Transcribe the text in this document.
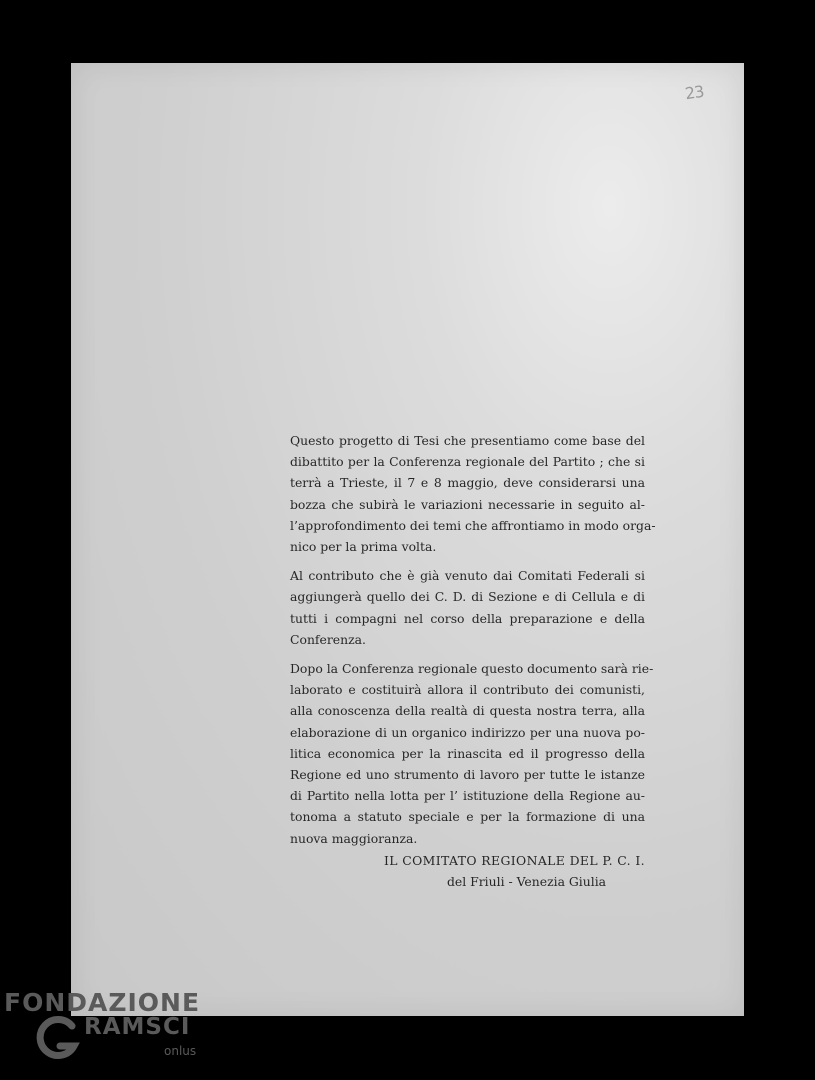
23

Questo progetto di Tesi che presentiamo come base del
dibattito per la Conferenza regionale del Partito ; che si
terrà a Trieste, il 7 e 8 maggio, deve considerarsi una
bozza che subirà le variazioni necessarie in seguito al-
l’approfondimento dei temi che affrontiamo in modo orga-
nico per la prima volta.

Al contributo che è già venuto dai Comitati Federali si
aggiungerà quello dei C. D. di Sezione e di Cellula e di
tutti i compagni nel corso della preparazione e della
Conferenza.

Dopo la Conferenza regionale questo documento sarà rie-
laborato e costituirà allora il contributo dei comunisti,
alla conoscenza della realtà di questa nostra terra, alla
elaborazione di un organico indirizzo per una nuova po-
litica economica per la rinascita ed il progresso della
Regione ed uno strumento di lavoro per tutte le istanze
di Partito nella lotta per l’ istituzione della Regione au-
tonoma a statuto speciale e per la formazione di una
nuova maggioranza.

IL COMITATO REGIONALE DEL P. C. I.
del Friuli - Venezia Giulia
FONDAZIONE
RAMSCI
onlus
